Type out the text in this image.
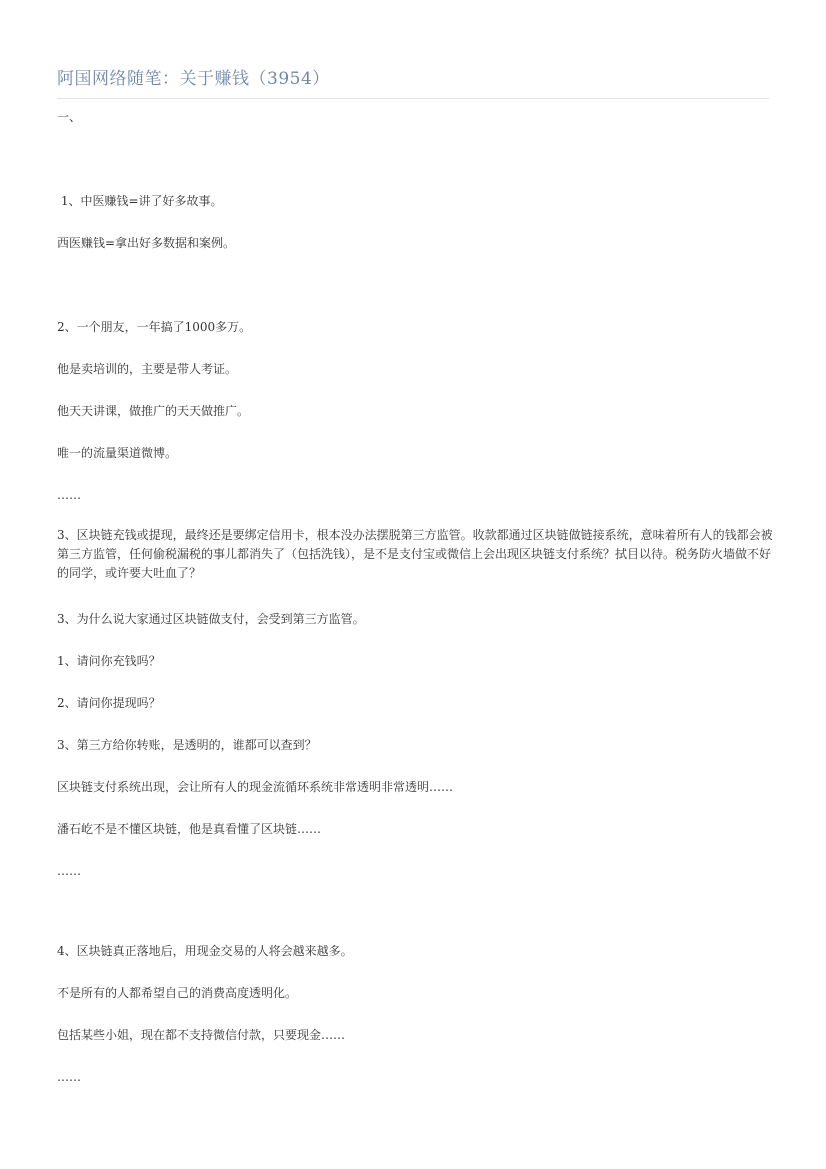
阿国网络随笔：关于赚钱（3954）

一、

1、中医赚钱=讲了好多故事。

西医赚钱=拿出好多数据和案例。

2、一个朋友，一年搞了1000多万。

他是卖培训的，主要是带人考证。

他天天讲课，做推广的天天做推广。

唯一的流量渠道微博。

……

3、区块链充钱或提现，最终还是要绑定信用卡，根本没办法摆脱第三方监管。收款都通过区块链做链接系统，意味着所有人的钱都会被第三方监管，任何偷税漏税的事儿都消失了（包括洗钱），是不是支付宝或微信上会出现区块链支付系统？拭目以待。税务防火墙做不好的同学，或许要大吐血了？

3、为什么说大家通过区块链做支付，会受到第三方监管。

1、请问你充钱吗？

2、请问你提现吗？

3、第三方给你转账，是透明的，谁都可以查到？

区块链支付系统出现，会让所有人的现金流循环系统非常透明非常透明……

潘石屹不是不懂区块链，他是真看懂了区块链……

……

4、区块链真正落地后，用现金交易的人将会越来越多。

不是所有的人都希望自己的消费高度透明化。

包括某些小姐，现在都不支持微信付款，只要现金……

……
